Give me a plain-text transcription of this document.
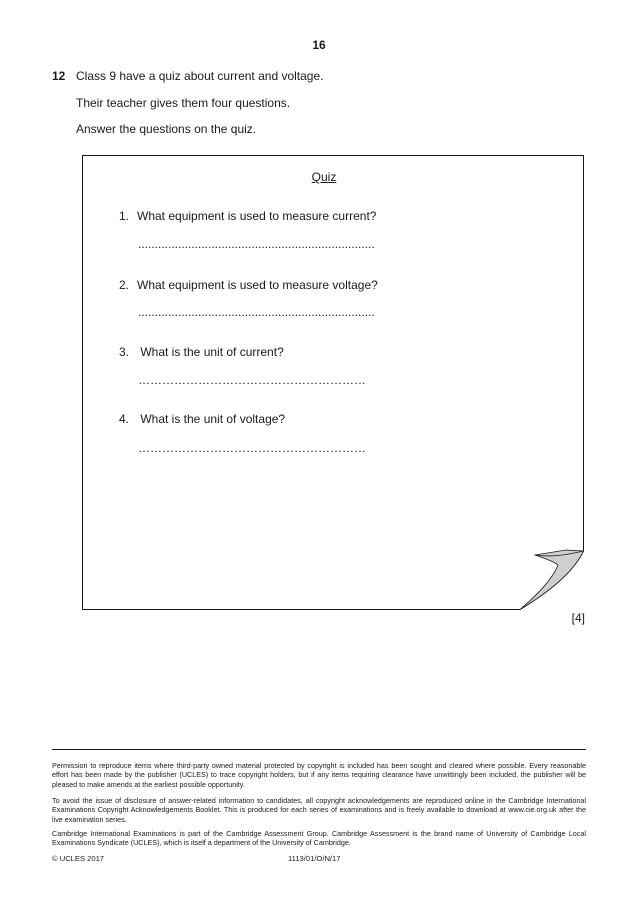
16
12 Class 9 have a quiz about current and voltage.
Their teacher gives them four questions.
Answer the questions on the quiz.
Quiz
1. What equipment is used to measure current?
.......................................................................
2. What equipment is used to measure voltage?
.......................................................................
3. What is the unit of current?
…………………………………………………
4. What is the unit of voltage?
…………………………………………………
[4]
Permission to reproduce items where third-party owned material protected by copyright is included has been sought and cleared where possible. Every reasonable effort has been made by the publisher (UCLES) to trace copyright holders, but if any items requiring clearance have unwittingly been included, the publisher will be pleased to make amends at the earliest possible opportunity.
To avoid the issue of disclosure of answer-related information to candidates, all copyright acknowledgements are reproduced online in the Cambridge International Examinations Copyright Acknowledgements Booklet. This is produced for each series of examinations and is freely available to download at www.cie.org.uk after the live examination series.
Cambridge International Examinations is part of the Cambridge Assessment Group. Cambridge Assessment is the brand name of University of Cambridge Local Examinations Syndicate (UCLES), which is itself a department of the University of Cambridge.
© UCLES 2017	1113/01/O/N/17
